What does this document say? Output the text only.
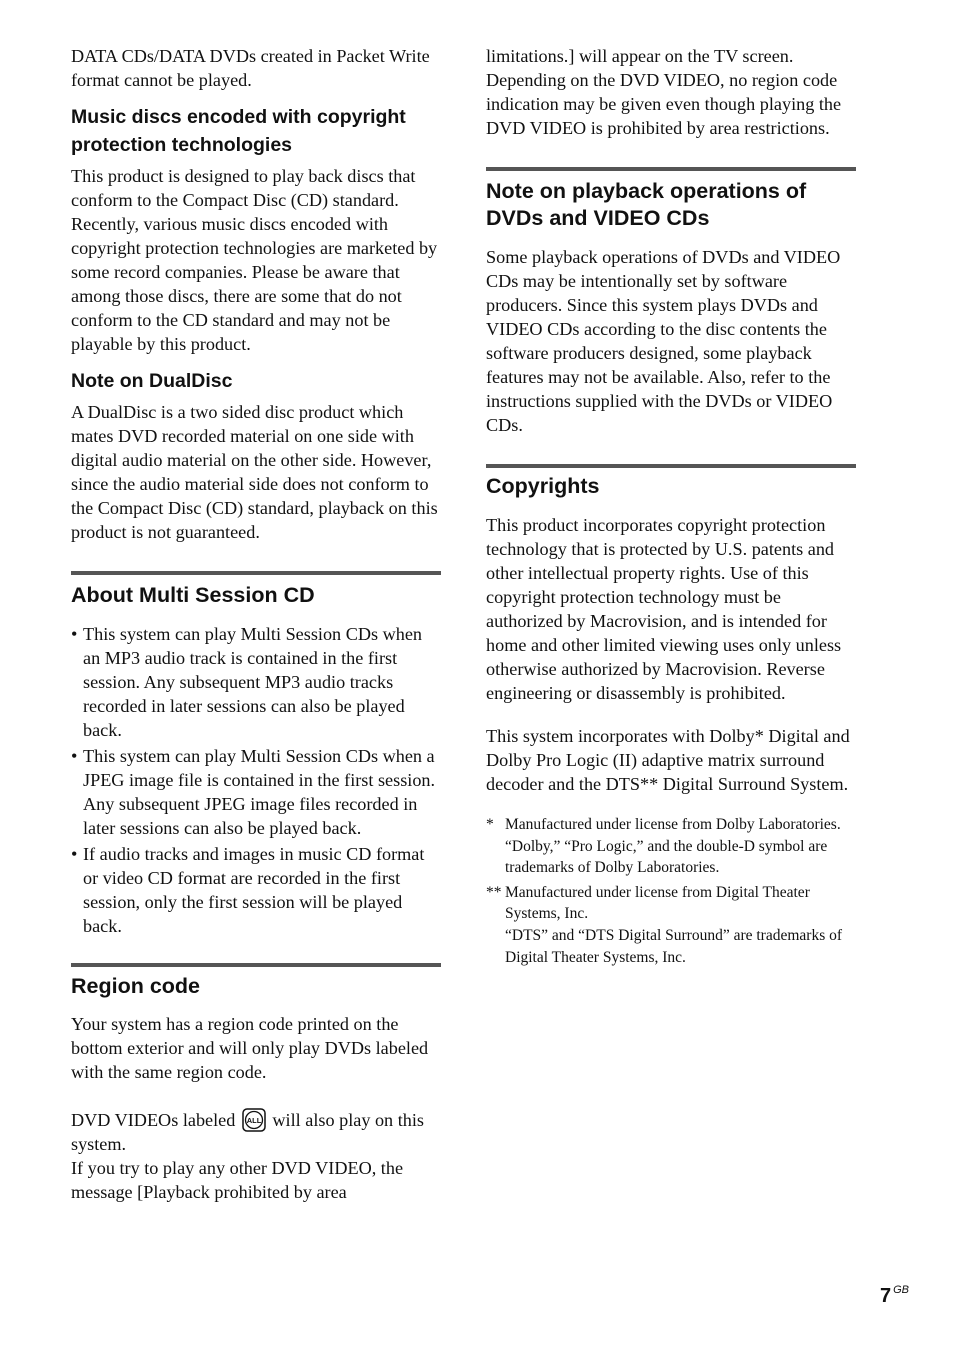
DATA CDs/DATA DVDs created in Packet Write format cannot be played.

Music discs encoded with copyright protection technologies

This product is designed to play back discs that conform to the Compact Disc (CD) standard. Recently, various music discs encoded with copyright protection technologies are marketed by some record companies. Please be aware that among those discs, there are some that do not conform to the CD standard and may not be playable by this product.

Note on DualDisc

A DualDisc is a two sided disc product which mates DVD recorded material on one side with digital audio material on the other side. However, since the audio material side does not conform to the Compact Disc (CD) standard, playback on this product is not guaranteed.

About Multi Session CD
• This system can play Multi Session CDs when an MP3 audio track is contained in the first session. Any subsequent MP3 audio tracks recorded in later sessions can also be played back.
• This system can play Multi Session CDs when a JPEG image file is contained in the first session. Any subsequent JPEG image files recorded in later sessions can also be played back.
• If audio tracks and images in music CD format or video CD format are recorded in the first session, only the first session will be played back.
Region code

Your system has a region code printed on the bottom exterior and will only play DVDs labeled with the same region code.

DVD VIDEOs labeled ALL will also play on this system.

If you try to play any other DVD VIDEO, the message [Playback prohibited by area

limitations.] will appear on the TV screen. Depending on the DVD VIDEO, no region code indication may be given even though playing the DVD VIDEO is prohibited by area restrictions.

Note on playback operations of DVDs and VIDEO CDs

Some playback operations of DVDs and VIDEO CDs may be intentionally set by software producers. Since this system plays DVDs and VIDEO CDs according to the disc contents the software producers designed, some playback features may not be available. Also, refer to the instructions supplied with the DVDs or VIDEO CDs.

Copyrights

This product incorporates copyright protection technology that is protected by U.S. patents and other intellectual property rights. Use of this copyright protection technology must be authorized by Macrovision, and is intended for home and other limited viewing uses only unless otherwise authorized by Macrovision. Reverse engineering or disassembly is prohibited.

This system incorporates with Dolby* Digital and Dolby Pro Logic (II) adaptive matrix surround decoder and the DTS** Digital Surround System.

* Manufactured under license from Dolby Laboratories.
“Dolby,” “Pro Logic,” and the double-D symbol are trademarks of Dolby Laboratories.
** Manufactured under license from Digital Theater Systems, Inc.
“DTS” and “DTS Digital Surround” are trademarks of Digital Theater Systems, Inc.
7 $^{GB}$
